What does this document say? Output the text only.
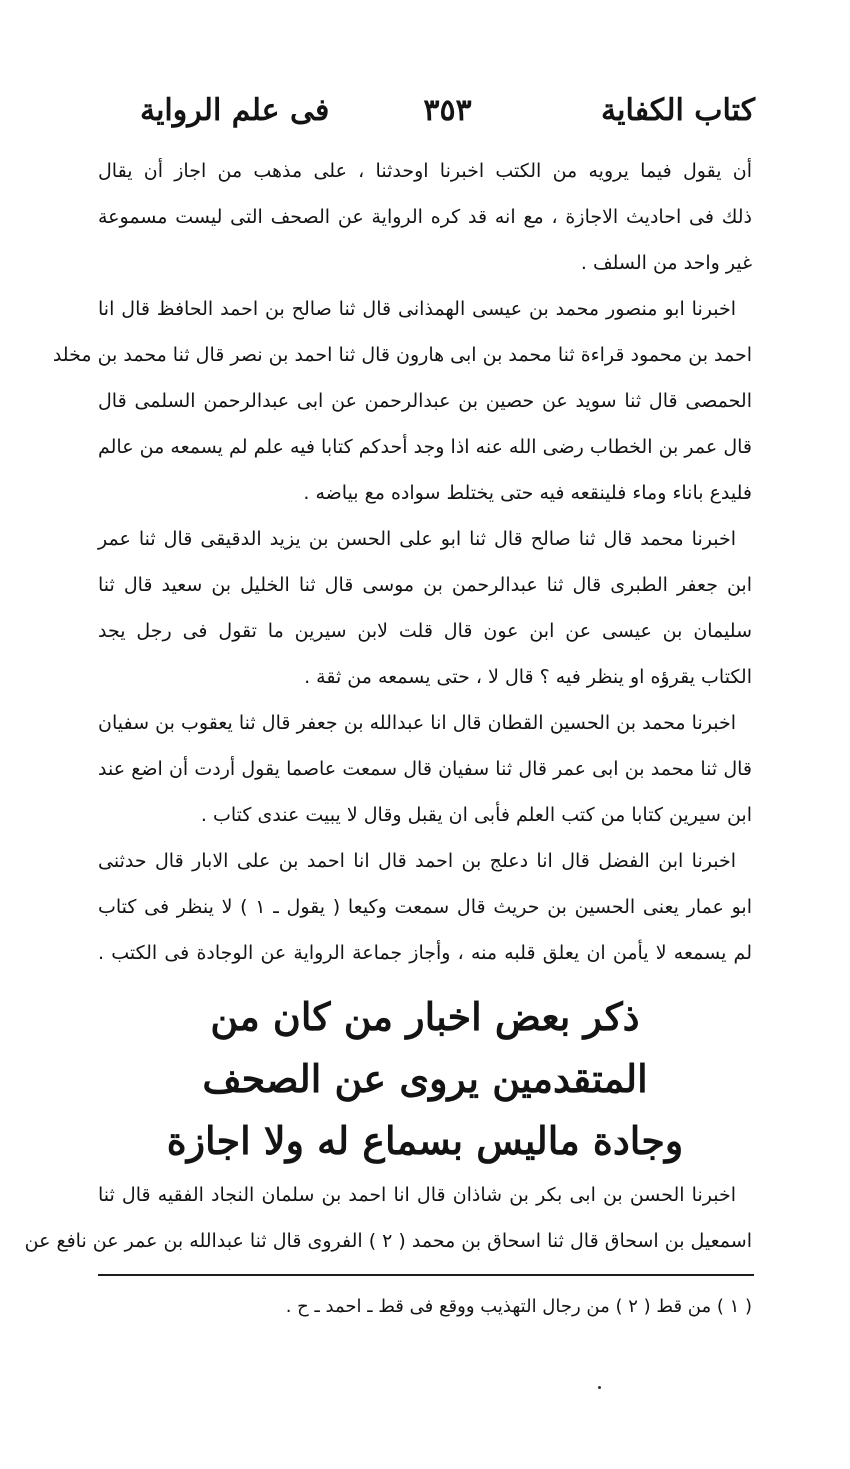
كتاب الكفاية
٣٥٣
فى علم الرواية
أن يقول فيما يرويه من الكتب اخبرنا اوحدثنا ، على مذهب من اجاز أن يقال
ذلك فى احاديث الاجازة ، مع انه قد كره الرواية عن الصحف التى ليست مسموعة
غير واحد من السلف .
اخبرنا ابو منصور محمد بن عيسى الهمذانى قال ثنا صالح بن احمد الحافظ قال انا
احمد بن محمود قراءة ثنا محمد بن ابى هارون قال ثنا احمد بن نصر قال ثنا محمد بن مخلد
الحمصى قال ثنا سويد عن حصين بن عبدالرحمن عن ابى عبدالرحمن السلمى قال
قال عمر بن الخطاب رضى الله عنه اذا وجد أحدكم كتابا فيه علم لم يسمعه من عالم
فليدع باناء وماء فلينقعه فيه حتى يختلط سواده مع بياضه .
اخبرنا محمد قال ثنا صالح قال ثنا ابو على الحسن بن يزيد الدقيقى قال ثنا عمر
ابن جعفر الطبرى قال ثنا عبدالرحمن بن موسى قال ثنا الخليل بن سعيد قال ثنا
سليمان بن عيسى عن ابن عون قال قلت لابن سيرين ما تقول فى رجل يجد
الكتاب يقرؤه او ينظر فيه ؟ قال لا ، حتى يسمعه من ثقة .
اخبرنا محمد بن الحسين القطان قال انا عبدالله بن جعفر قال ثنا يعقوب بن سفيان
قال ثنا محمد بن ابى عمر قال ثنا سفيان قال سمعت عاصما يقول أردت أن اضع عند
ابن سيرين كتابا من كتب العلم فأبى ان يقبل وقال لا يبيت عندى كتاب .
اخبرنا ابن الفضل قال انا دعلج بن احمد قال انا احمد بن على الابار قال حدثنى
ابو عمار يعنى الحسين بن حريث قال سمعت وكيعا ( يقول ـ ١ ) لا ينظر فى كتاب
لم يسمعه لا يأمن ان يعلق قلبه منه ، وأجاز جماعة الرواية عن الوجادة فى الكتب .
ذكر بعض اخبار من كان من
المتقدمين يروى عن الصحف
وجادة ماليس بسماع له ولا اجازة
اخبرنا الحسن بن ابى بكر بن شاذان قال انا احمد بن سلمان النجاد الفقيه قال ثنا
اسمعيل بن اسحاق قال ثنا اسحاق بن محمد ( ٢ ) الفروى قال ثنا عبدالله بن عمر عن نافع عن
( ١ ) من قط ( ٢ ) من رجال التهذيب ووقع فى قط ـ احمد ـ ح .
